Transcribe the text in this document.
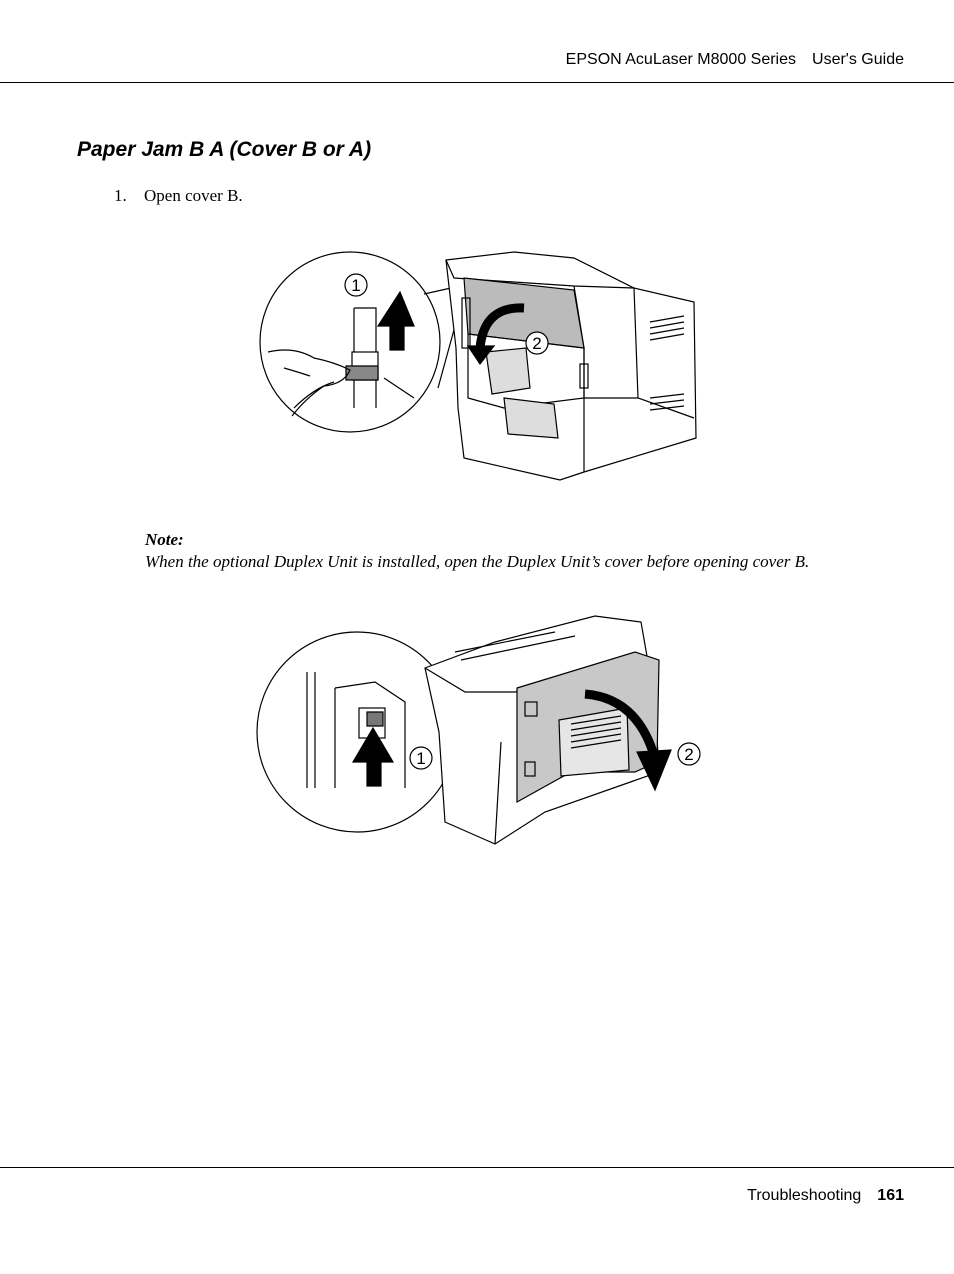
EPSON AcuLaser M8000 Series User's Guide
Paper Jam B A (Cover B or A)
1. Open cover B.
1
2
Note:
When the optional Duplex Unit is installed, open the Duplex Unit’s cover before opening cover B.
1	2
Troubleshooting 161
